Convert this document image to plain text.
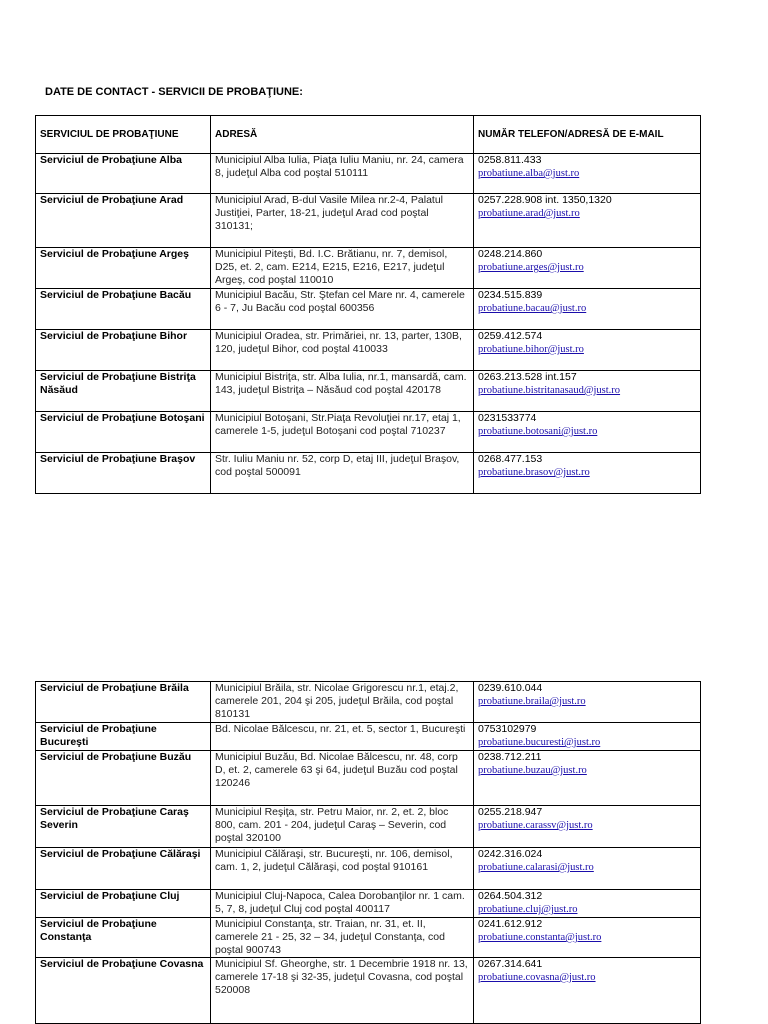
DATE DE CONTACT - SERVICII DE PROBAŢIUNE:
SERVICIUL DE PROBAŢIUNE	ADRESĂ	NUMĂR TELEFON/ADRESĂ DE E-MAIL
Serviciul de Probaţiune Alba	Municipiul Alba Iulia, Piaţa Iuliu Maniu, nr. 24, camera 8, judeţul Alba cod poştal 510111	0258.811.433
probatiune.alba@just.ro

Serviciul de Probaţiune Arad	Municipiul Arad, B-dul Vasile Milea nr.2-4, Palatul Justiţiei, Parter, 18-21, judeţul Arad cod poştal 310131;	0257.228.908 int. 1350,1320
probatiune.arad@just.ro

Serviciul de Probaţiune Argeş	Municipiul Piteşti, Bd. I.C. Brătianu, nr. 7, demisol, D25, et. 2, cam. E214, E215, E216, E217, judeţul Argeş, cod poştal 110010	0248.214.860
probatiune.arges@just.ro

Serviciul de Probaţiune Bacău	Municipiul Bacău, Str. Ştefan cel Mare nr. 4, camerele 6 - 7, Ju Bacău cod poştal 600356	0234.515.839
probatiune.bacau@just.ro

Serviciul de Probaţiune Bihor	Municipiul Oradea, str. Primăriei, nr. 13, parter, 130B, 120, judeţul Bihor, cod poştal 410033	0259.412.574
probatiune.bihor@just.ro

Serviciul de Probaţiune Bistriţa Năsăud	Municipiul Bistriţa, str. Alba Iulia, nr.1, mansardă, cam. 143, judeţul Bistriţa – Năsăud cod poştal 420178	0263.213.528 int.157
probatiune.bistritanasaud@just.ro

Serviciul de Probaţiune Botoşani	Municipiul Botoşani, Str.Piaţa Revoluţiei nr.17, etaj 1, camerele 1-5, judeţul Botoşani cod poştal 710237	0231533774
probatiune.botosani@just.ro

Serviciul de Probaţiune Braşov	Str. Iuliu Maniu nr. 52, corp D, etaj III, judeţul Braşov, cod poştal 500091	0268.477.153
probatiune.brasov@just.ro
Serviciul de Probaţiune Brăila	Municipiul Brăila, str. Nicolae Grigorescu nr.1, etaj.2, camerele 201, 204 şi 205, judeţul Brăila, cod poştal 810131	0239.610.044
probatiune.braila@just.ro

Serviciul de Probaţiune Bucureşti	Bd. Nicolae Bălcescu, nr. 21, et. 5, sector 1, Bucureşti	0753102979
probatiune.bucuresti@just.ro

Serviciul de Probaţiune Buzău	Municipiul Buzău, Bd. Nicolae Bălcescu, nr. 48, corp D, et. 2, camerele 63 şi 64, judeţul Buzău cod poştal 120246	0238.712.211
probatiune.buzau@just.ro

Serviciul de Probaţiune Caraş Severin	Municipiul Reşiţa, str. Petru Maior, nr. 2, et. 2, bloc 800, cam. 201 - 204, judeţul Caraş – Severin, cod poştal 320100	0255.218.947
probatiune.carassv@just.ro

Serviciul de Probaţiune Călăraşi	Municipiul Călăraşi, str. Bucureşti, nr. 106, demisol, cam. 1, 2, judeţul Călăraşi, cod poştal 910161	0242.316.024
probatiune.calarasi@just.ro

Serviciul de Probaţiune Cluj	Municipiul Cluj-Napoca, Calea Dorobanţilor nr. 1 cam. 5, 7, 8, judeţul Cluj cod poştal 400117	0264.504.312
probatiune.cluj@just.ro

Serviciul de Probaţiune Constanţa	Municipiul Constanţa, str. Traian, nr. 31, et. II, camerele 21 - 25, 32 – 34, judeţul Constanţa, cod poştal 900743	0241.612.912
probatiune.constanta@just.ro

Serviciul de Probaţiune Covasna	Municipiul Sf. Gheorghe, str. 1 Decembrie 1918 nr. 13, camerele 17-18 şi 32-35, judeţul Covasna, cod poştal 520008	0267.314.641
probatiune.covasna@just.ro
